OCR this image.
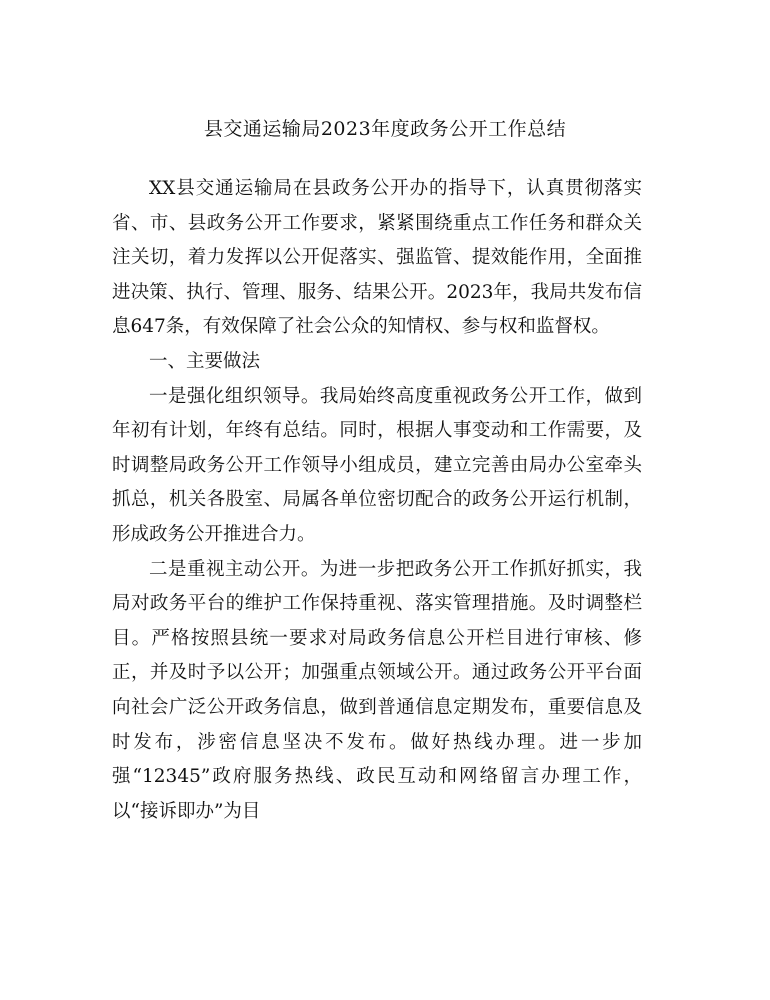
县交通运输局2023年度政务公开工作总结

XX县交通运输局在县政务公开办的指导下，认真贯彻落实省、市、县政务公开工作要求，紧紧围绕重点工作任务和群众关注关切，着力发挥以公开促落实、强监管、提效能作用，全面推进决策、执行、管理、服务、结果公开。2023年，我局共发布信息647条，有效保障了社会公众的知情权、参与权和监督权。

一、主要做法

一是强化组织领导。我局始终高度重视政务公开工作，做到年初有计划，年终有总结。同时，根据人事变动和工作需要，及时调整局政务公开工作领导小组成员，建立完善由局办公室牵头抓总，机关各股室、局属各单位密切配合的政务公开运行机制，形成政务公开推进合力。

二是重视主动公开。为进一步把政务公开工作抓好抓实，我局对政务平台的维护工作保持重视、落实管理措施。及时调整栏目。严格按照县统一要求对局政务信息公开栏目进行审核、修正，并及时予以公开；加强重点领域公开。通过政务公开平台面向社会广泛公开政务信息，做到普通信息定期发布，重要信息及时发布，涉密信息坚决不发布。做好热线办理。进一步加强“12345”政府服务热线、政民互动和网络留言办理工作，以“接诉即办”为目
